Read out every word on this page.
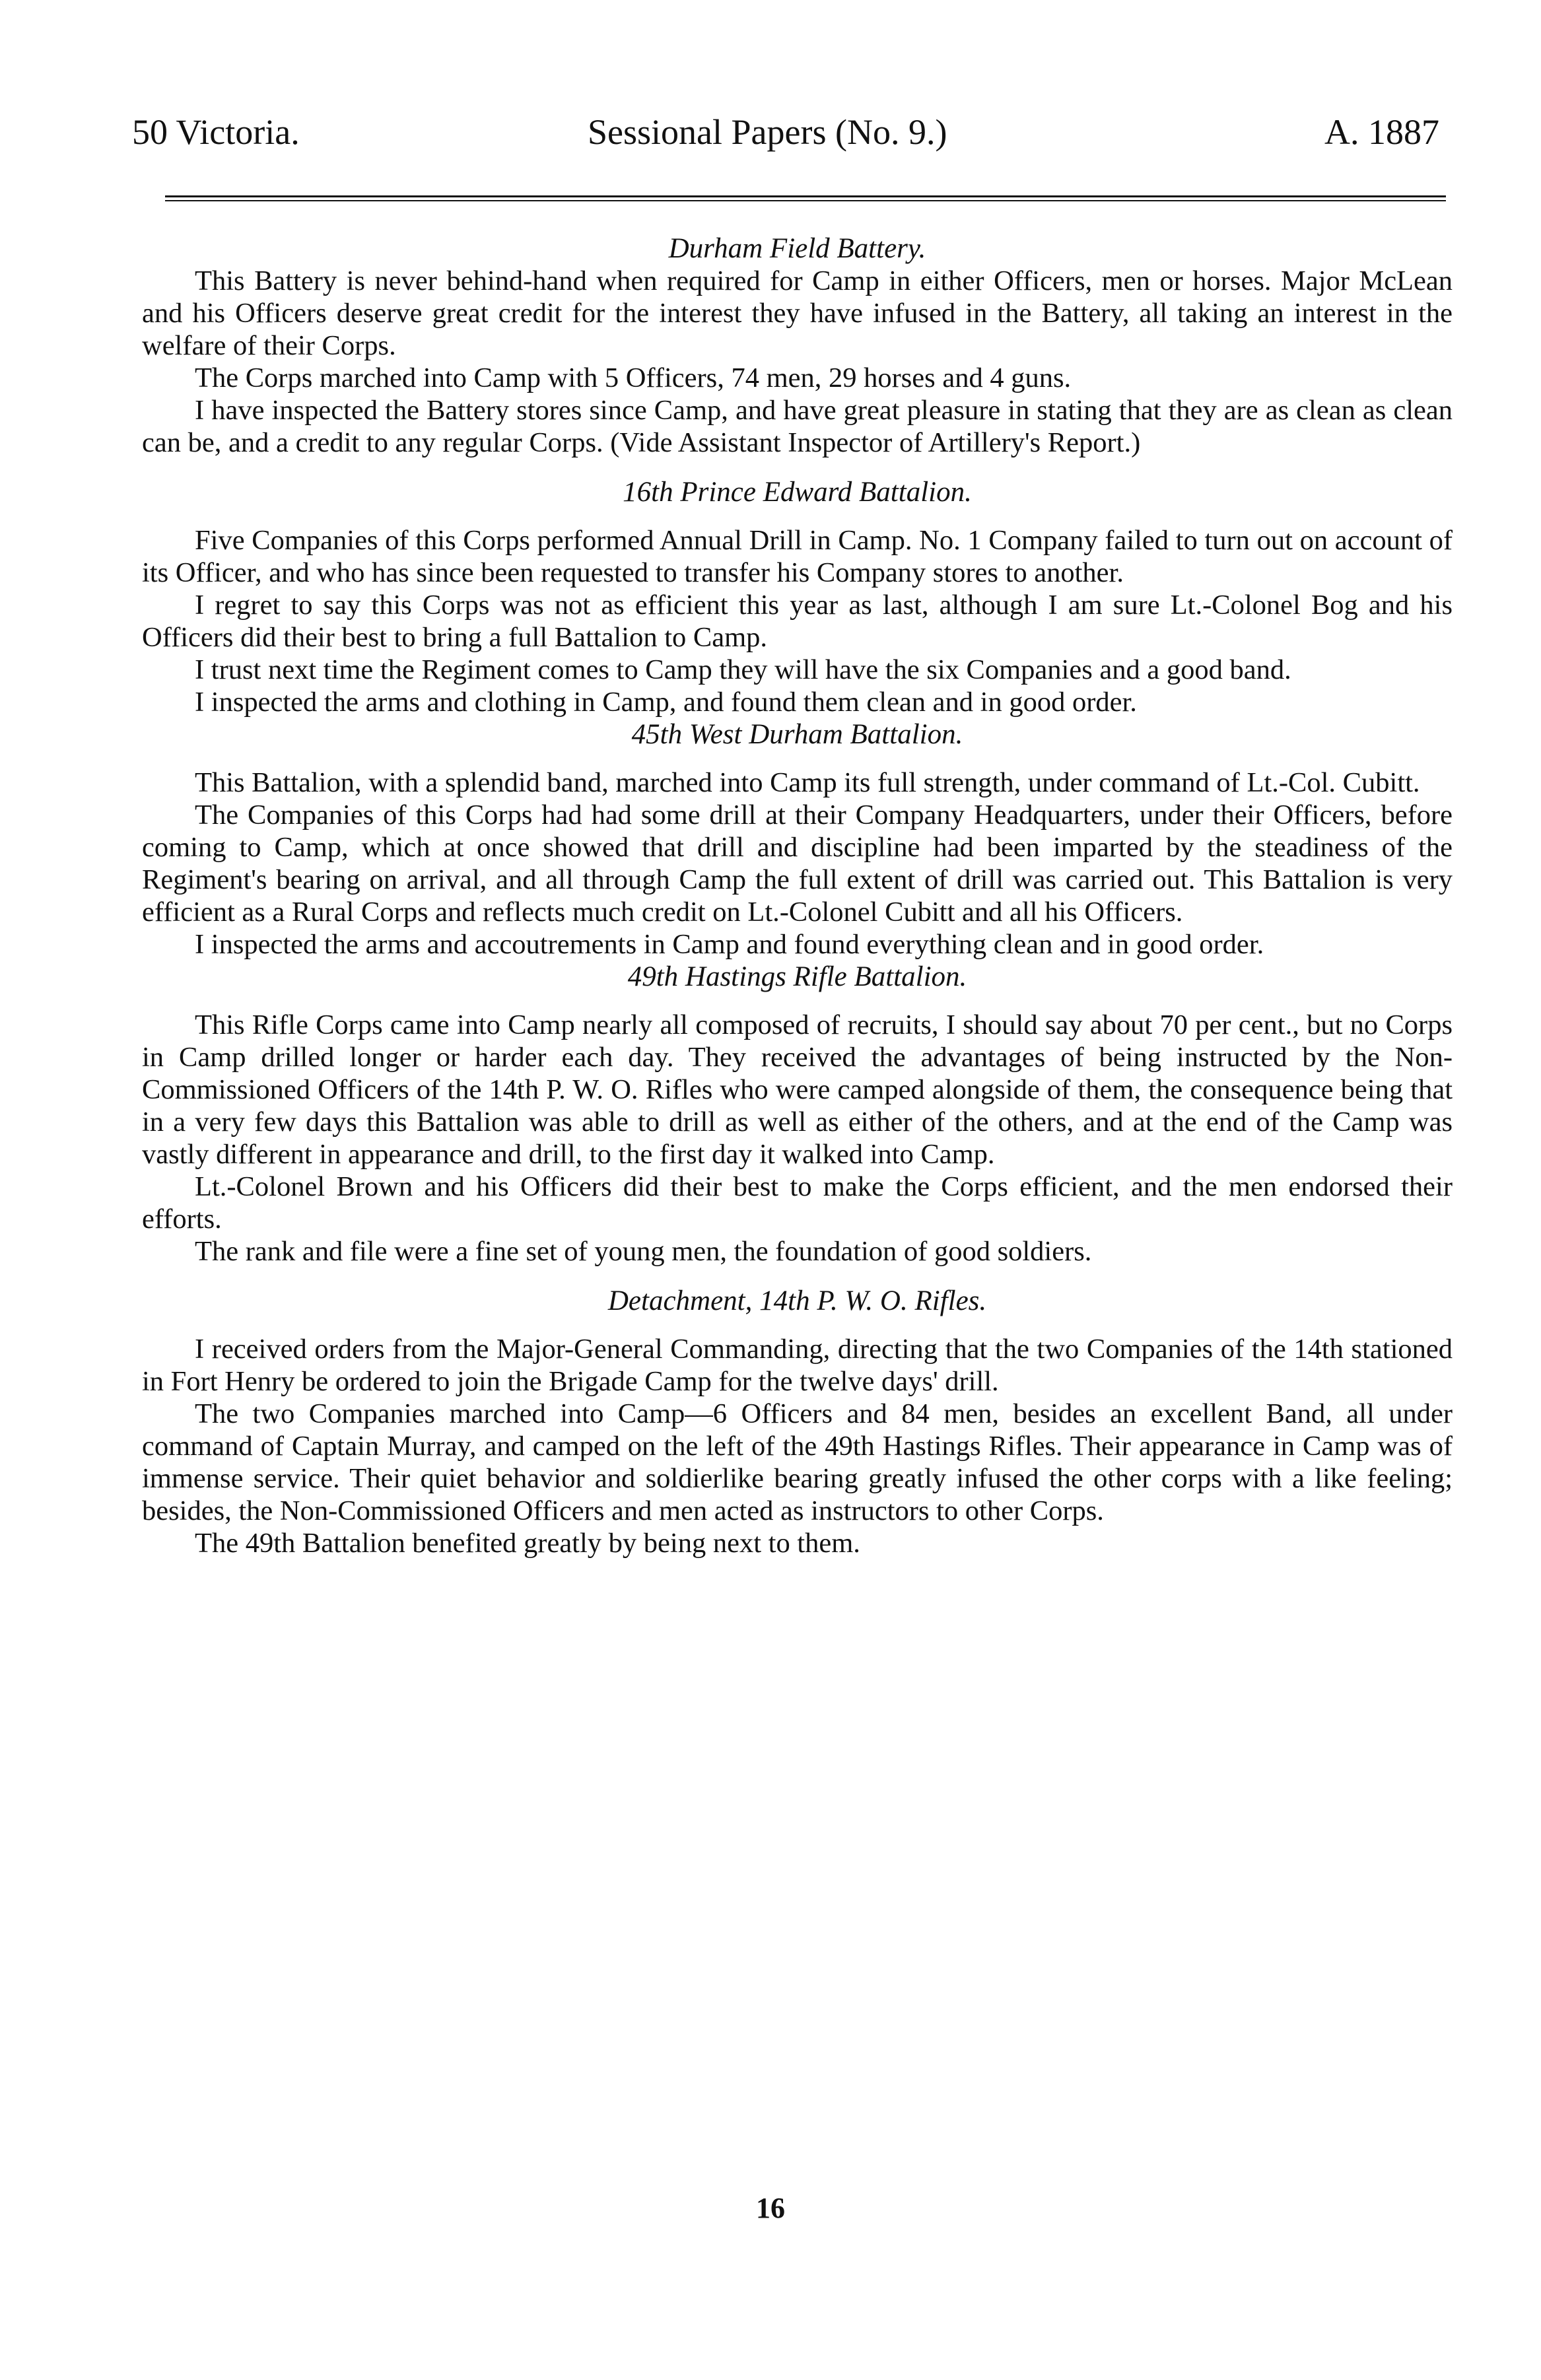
50 Victoria.	Sessional Papers (No. 9.)	A. 1887
Durham Field Battery.

This Battery is never behind-hand when required for Camp in either Officers, men or horses. Major McLean and his Officers deserve great credit for the interest they have infused in the Battery, all taking an interest in the welfare of their Corps.

The Corps marched into Camp with 5 Officers, 74 men, 29 horses and 4 guns.

I have inspected the Battery stores since Camp, and have great pleasure in stating that they are as clean as clean can be, and a credit to any regular Corps. (Vide Assistant Inspector of Artillery's Report.)

16th Prince Edward Battalion.

Five Companies of this Corps performed Annual Drill in Camp. No. 1 Company failed to turn out on account of its Officer, and who has since been requested to transfer his Company stores to another.

I regret to say this Corps was not as efficient this year as last, although I am sure Lt.-Colonel Bog and his Officers did their best to bring a full Battalion to Camp.

I trust next time the Regiment comes to Camp they will have the six Companies and a good band.

I inspected the arms and clothing in Camp, and found them clean and in good order.

45th West Durham Battalion.

This Battalion, with a splendid band, marched into Camp its full strength, under command of Lt.-Col. Cubitt.

The Companies of this Corps had had some drill at their Company Headquarters, under their Officers, before coming to Camp, which at once showed that drill and discipline had been imparted by the steadiness of the Regiment's bearing on arrival, and all through Camp the full extent of drill was carried out. This Battalion is very efficient as a Rural Corps and reflects much credit on Lt.-Colonel Cubitt and all his Officers.

I inspected the arms and accoutrements in Camp and found everything clean and in good order.

49th Hastings Rifle Battalion.

This Rifle Corps came into Camp nearly all composed of recruits, I should say about 70 per cent., but no Corps in Camp drilled longer or harder each day. They received the advantages of being instructed by the Non-Commissioned Officers of the 14th P. W. O. Rifles who were camped alongside of them, the consequence being that in a very few days this Battalion was able to drill as well as either of the others, and at the end of the Camp was vastly different in appearance and drill, to the first day it walked into Camp.

Lt.-Colonel Brown and his Officers did their best to make the Corps efficient, and the men endorsed their efforts.

The rank and file were a fine set of young men, the foundation of good soldiers.

Detachment, 14th P. W. O. Rifles.

I received orders from the Major-General Commanding, directing that the two Companies of the 14th stationed in Fort Henry be ordered to join the Brigade Camp for the twelve days' drill.

The two Companies marched into Camp—6 Officers and 84 men, besides an excellent Band, all under command of Captain Murray, and camped on the left of the 49th Hastings Rifles. Their appearance in Camp was of immense service. Their quiet behavior and soldierlike bearing greatly infused the other corps with a like feeling; besides, the Non-Commissioned Officers and men acted as instructors to other Corps.

The 49th Battalion benefited greatly by being next to them.

16
